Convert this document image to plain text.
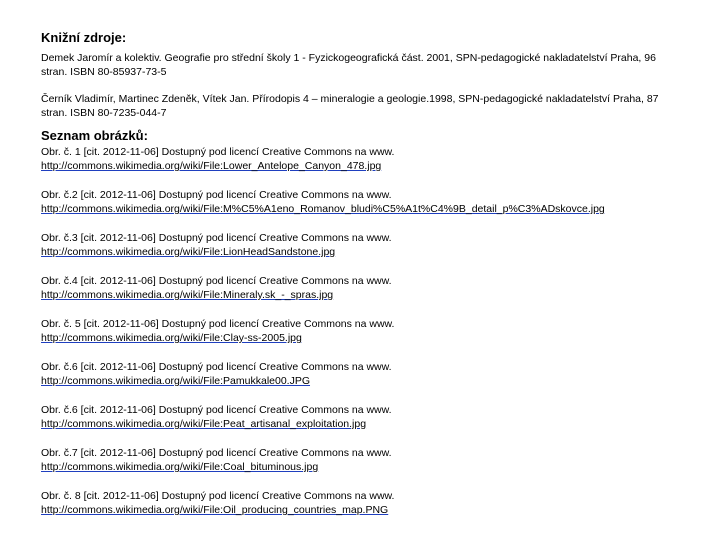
Knižní zdroje:

Demek Jaromír a kolektiv. Geografie pro střední školy 1 - Fyzickogeografická část. 2001, SPN-pedagogické nakladatelství Praha, 96
stran. ISBN 80-85937-73-5

Černík Vladimír, Martinec Zdeněk, Vítek Jan. Přírodopis 4 – mineralogie a geologie.1998, SPN-pedagogické nakladatelství Praha, 87
stran. ISBN 80-7235-044-7

Seznam obrázků:
Obr. č. 1 [cit. 2012-11-06] Dostupný pod licencí Creative Commons na www.
http://commons.wikimedia.org/wiki/File:Lower_Antelope_Canyon_478.jpg
Obr. č.2 [cit. 2012-11-06] Dostupný pod licencí Creative Commons na www.
http://commons.wikimedia.org/wiki/File:M%C5%A1eno_Romanov_bludi%C5%A1t%C4%9B_detail_p%C3%ADskovce.jpg
Obr. č.3 [cit. 2012-11-06] Dostupný pod licencí Creative Commons na www.
http://commons.wikimedia.org/wiki/File:LionHeadSandstone.jpg
Obr. č.4 [cit. 2012-11-06] Dostupný pod licencí Creative Commons na www.
http://commons.wikimedia.org/wiki/File:Mineraly.sk_-_spras.jpg
Obr. č. 5 [cit. 2012-11-06] Dostupný pod licencí Creative Commons na www.
http://commons.wikimedia.org/wiki/File:Clay-ss-2005.jpg
Obr. č.6 [cit. 2012-11-06] Dostupný pod licencí Creative Commons na www.
http://commons.wikimedia.org/wiki/File:Pamukkale00.JPG
Obr. č.6 [cit. 2012-11-06] Dostupný pod licencí Creative Commons na www.
http://commons.wikimedia.org/wiki/File:Peat_artisanal_exploitation.jpg
Obr. č.7 [cit. 2012-11-06] Dostupný pod licencí Creative Commons na www.
http://commons.wikimedia.org/wiki/File:Coal_bituminous.jpg
Obr. č. 8 [cit. 2012-11-06] Dostupný pod licencí Creative Commons na www.
http://commons.wikimedia.org/wiki/File:Oil_producing_countries_map.PNG
